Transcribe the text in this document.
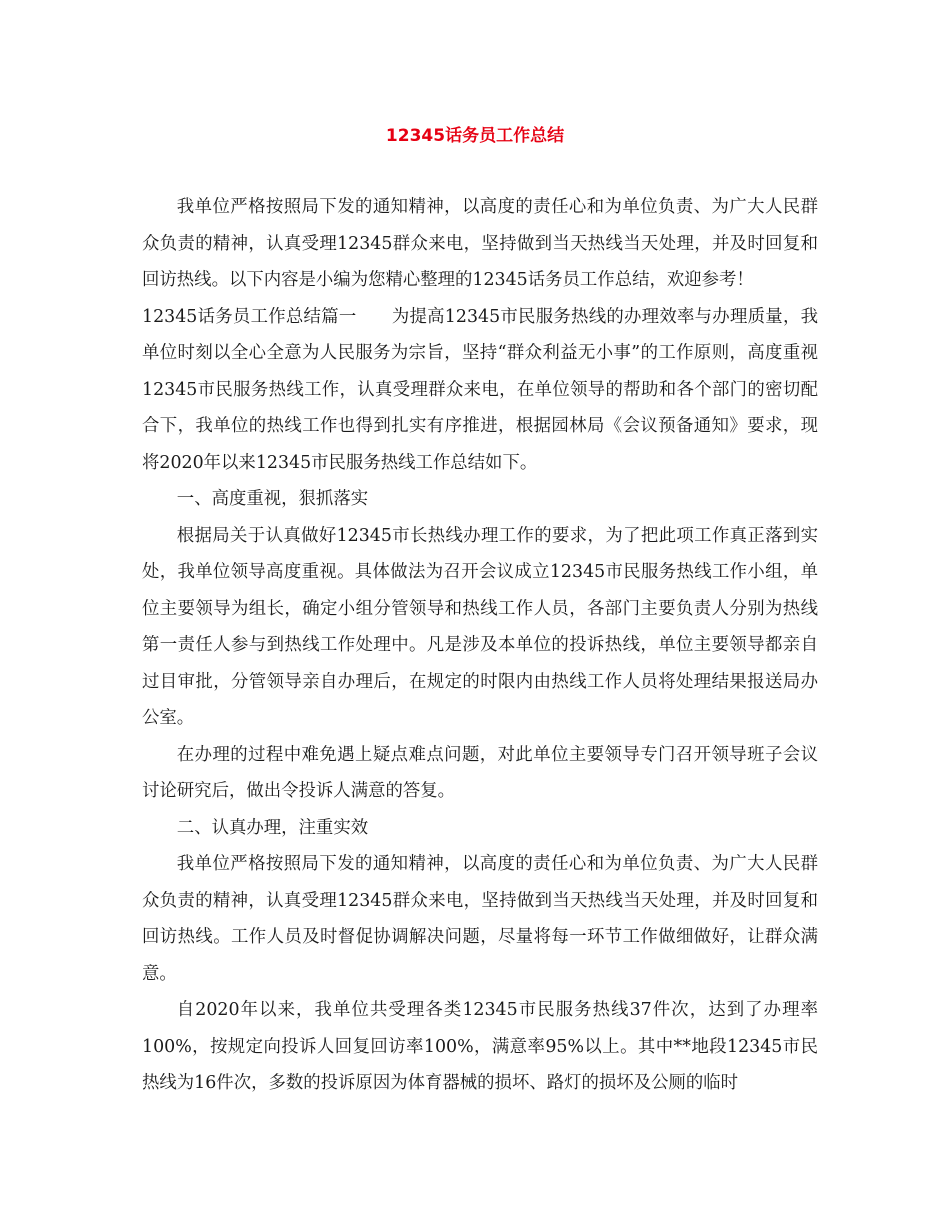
12345话务员工作总结

我单位严格按照局下发的通知精神，以高度的责任心和为单位负责、为广大人民群众负责的精神，认真受理12345群众来电，坚持做到当天热线当天处理，并及时回复和回访热线。以下内容是小编为您精心整理的12345话务员工作总结，欢迎参考！

12345话务员工作总结篇一　　为提高12345市民服务热线的办理效率与办理质量，我单位时刻以全心全意为人民服务为宗旨，坚持“群众利益无小事”的工作原则，高度重视12345市民服务热线工作，认真受理群众来电，在单位领导的帮助和各个部门的密切配合下，我单位的热线工作也得到扎实有序推进，根据园林局《会议预备通知》要求，现将2020年以来12345市民服务热线工作总结如下。

一、高度重视，狠抓落实

根据局关于认真做好12345市长热线办理工作的要求，为了把此项工作真正落到实处，我单位领导高度重视。具体做法为召开会议成立12345市民服务热线工作小组，单位主要领导为组长，确定小组分管领导和热线工作人员，各部门主要负责人分别为热线第一责任人参与到热线工作处理中。凡是涉及本单位的投诉热线，单位主要领导都亲自过目审批，分管领导亲自办理后，在规定的时限内由热线工作人员将处理结果报送局办公室。

在办理的过程中难免遇上疑点难点问题，对此单位主要领导专门召开领导班子会议讨论研究后，做出令投诉人满意的答复。

二、认真办理，注重实效

我单位严格按照局下发的通知精神，以高度的责任心和为单位负责、为广大人民群众负责的精神，认真受理12345群众来电，坚持做到当天热线当天处理，并及时回复和回访热线。工作人员及时督促协调解决问题，尽量将每一环节工作做细做好，让群众满意。

自2020年以来，我单位共受理各类12345市民服务热线37件次，达到了办理率100%，按规定向投诉人回复回访率100%，满意率95%以上。其中**地段12345市民热线为16件次，多数的投诉原因为体育器械的损坏、路灯的损坏及公厕的临时
